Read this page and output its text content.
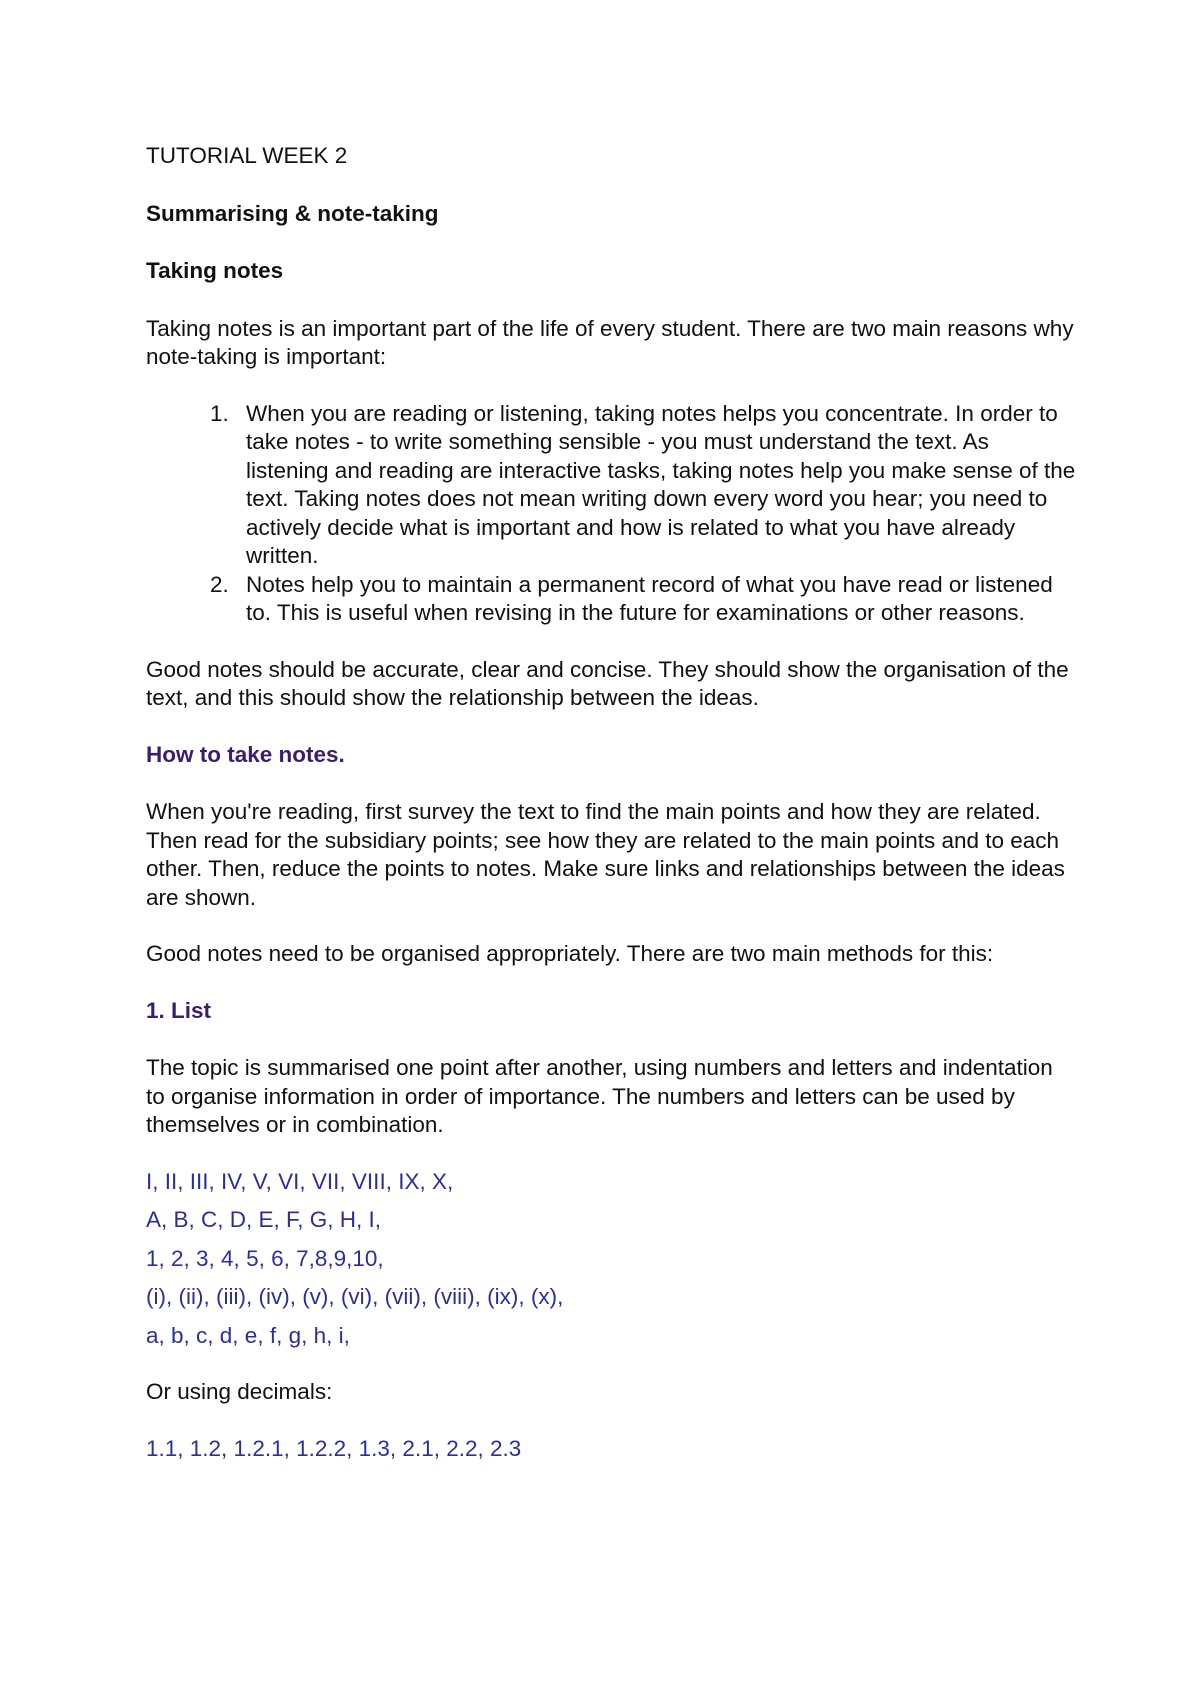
TUTORIAL WEEK 2

Summarising & note-taking

Taking notes

Taking notes is an important part of the life of every student. There are two main reasons why note-taking is important:

1. When you are reading or listening, taking notes helps you concentrate. In order to take notes - to write something sensible - you must understand the text. As listening and reading are interactive tasks, taking notes help you make sense of the text. Taking notes does not mean writing down every word you hear; you need to actively decide what is important and how is related to what you have already written.
2. Notes help you to maintain a permanent record of what you have read or listened to. This is useful when revising in the future for examinations or other reasons.

Good notes should be accurate, clear and concise. They should show the organisation of the text, and this should show the relationship between the ideas.

How to take notes.

When you're reading, first survey the text to find the main points and how they are related. Then read for the subsidiary points; see how they are related to the main points and to each other. Then, reduce the points to notes. Make sure links and relationships between the ideas are shown.

Good notes need to be organised appropriately. There are two main methods for this:

1. List

The topic is summarised one point after another, using numbers and letters and indentation to organise information in order of importance. The numbers and letters can be used by themselves or in combination.

I, II, III, IV, V, VI, VII, VIII, IX, X,

A, B, C, D, E, F, G, H, I,

1, 2, 3, 4, 5, 6, 7,8,9,10,

(i), (ii), (iii), (iv), (v), (vi), (vii), (viii), (ix), (x),

a, b, c, d, e, f, g, h, i,

Or using decimals:

1.1, 1.2, 1.2.1, 1.2.2, 1.3, 2.1, 2.2, 2.3
